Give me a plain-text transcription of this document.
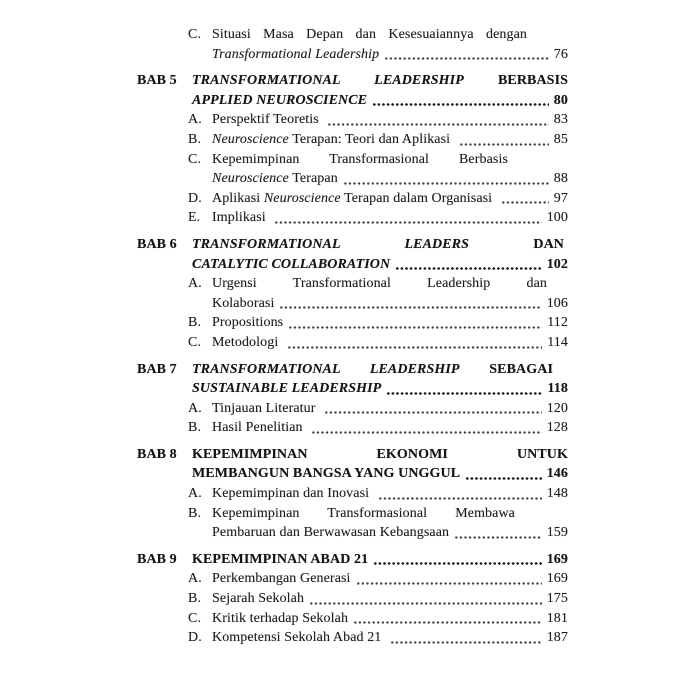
C. Situasi Masa Depan dan Kesesuaiannya dengan
Transformational Leadership	76
BAB 5 TRANSFORMATIONAL LEADERSHIP BERBASIS
APPLIED NEUROSCIENCE	80
A. Perspektif Teoretis	83
B. Neuroscience Terapan: Teori dan Aplikasi	85
C. Kepemimpinan Transformasional Berbasis
Neuroscience Terapan	88
D. Aplikasi Neuroscience Terapan dalam Organisasi	97
E. Implikasi	100
BAB 6 TRANSFORMATIONAL LEADERS DAN
CATALYTIC COLLABORATION	102
A. Urgensi Transformational Leadership dan
Kolaborasi	106
B. Propositions	112
C. Metodologi	114
BAB 7 TRANSFORMATIONAL LEADERSHIP SEBAGAI
SUSTAINABLE LEADERSHIP	118
A. Tinjauan Literatur	120
B. Hasil Penelitian	128
BAB 8 KEPEMIMPINAN EKONOMI UNTUK
MEMBANGUN BANGSA YANG UNGGUL	146
A. Kepemimpinan dan Inovasi	148
B. Kepemimpinan Transformasional Membawa
Pembaruan dan Berwawasan Kebangsaan	159
BAB 9 KEPEMIMPINAN ABAD 21	169
A. Perkembangan Generasi	169
B. Sejarah Sekolah	175
C. Kritik terhadap Sekolah	181
D. Kompetensi Sekolah Abad 21	187
